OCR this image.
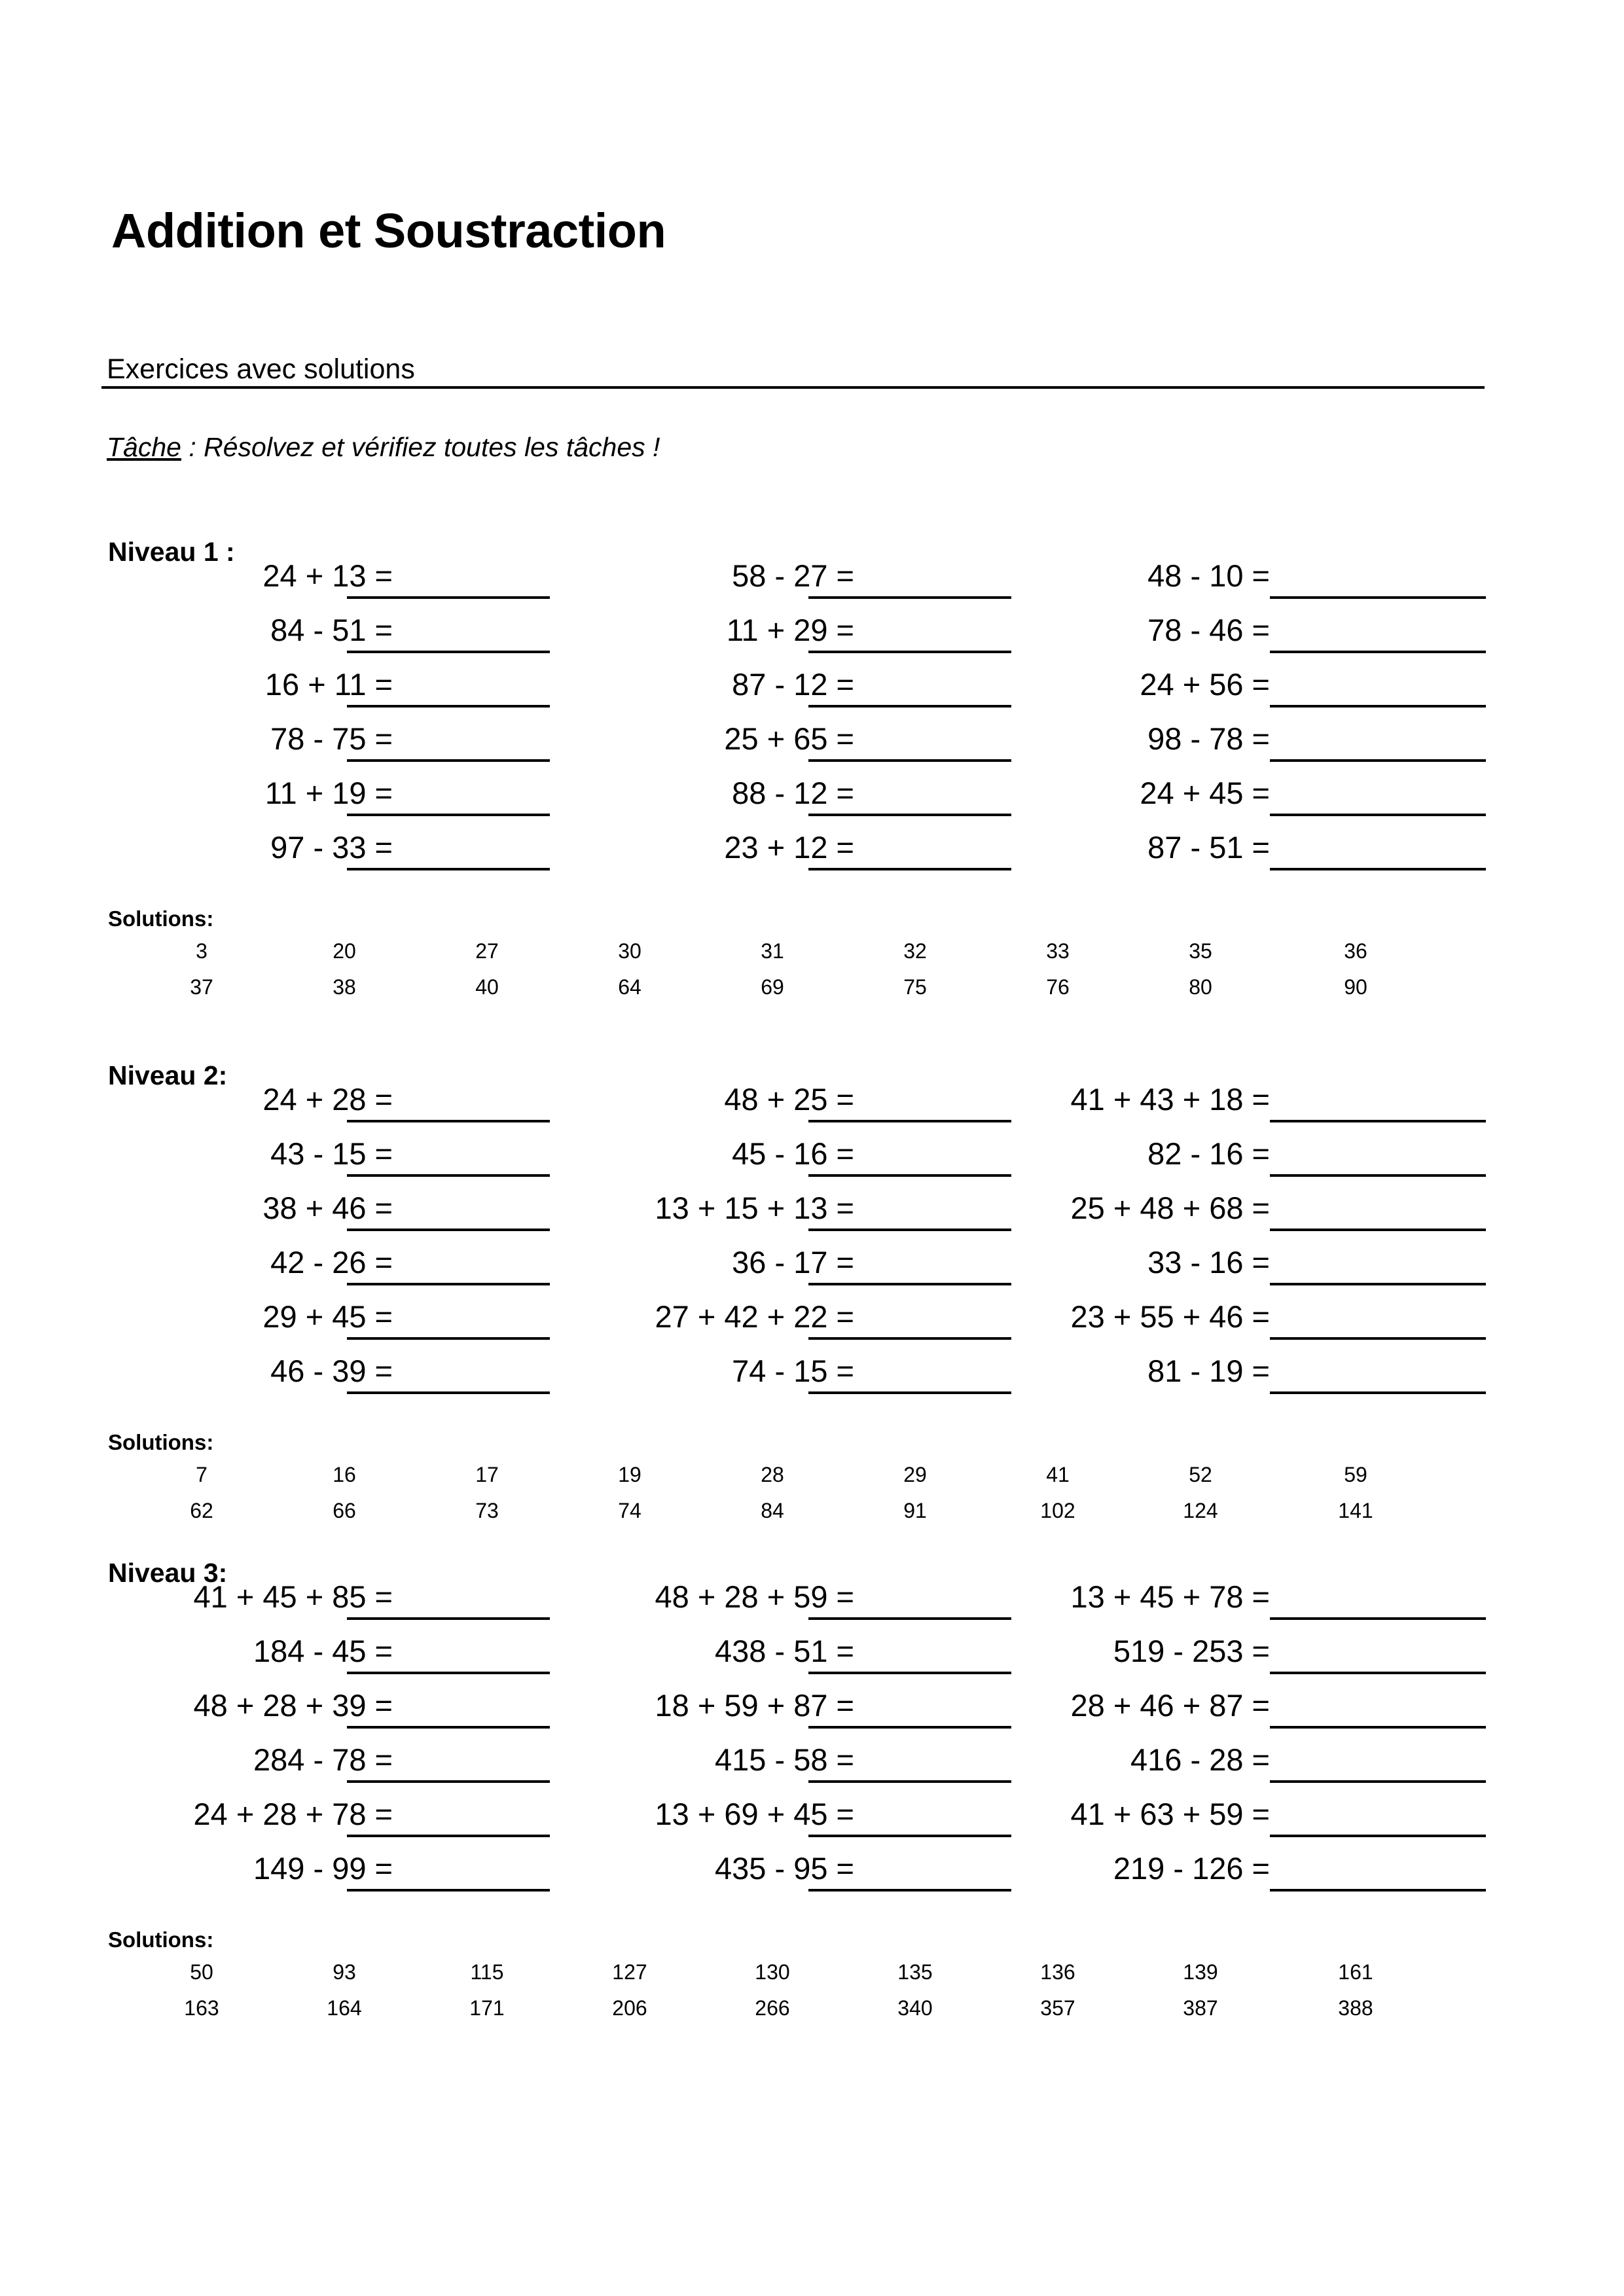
Addition et Soustraction
Exercices avec solutions
Tâche : Résolvez et vérifiez toutes les tâches !
Niveau 1 :
24 + 13 =	58 - 27 =	48 - 10 =
84 - 51 =	11 + 29 =	78 - 46 =
16 + 11 =	87 - 12 =	24 + 56 =
78 - 75 =	25 + 65 =	98 - 78 =
11 + 19 =	88 - 12 =	24 + 45 =
97 - 33 =	23 + 12 =	87 - 51 =
Solutions:
3	20	27	30	31	32	33	35	36
37	38	40	64	69	75	76	80	90
Niveau 2:
24 + 28 =	48 + 25 =	41 + 43 + 18 =
43 - 15 =	45 - 16 =	82 - 16 =
38 + 46 =	13 + 15 + 13 =	25 + 48 + 68 =
42 - 26 =	36 - 17 =	33 - 16 =
29 + 45 =	27 + 42 + 22 =	23 + 55 + 46 =
46 - 39 =	74 - 15 =	81 - 19 =
Solutions:
7	16	17	19	28	29	41	52	59
62	66	73	74	84	91	102	124	141
Niveau 3:
41 + 45 + 85 =	48 + 28 + 59 =	13 + 45 + 78 =
184 - 45 =	438 - 51 =	519 - 253 =
48 + 28 + 39 =	18 + 59 + 87 =	28 + 46 + 87 =
284 - 78 =	415 - 58 =	416 - 28 =
24 + 28 + 78 =	13 + 69 + 45 =	41 + 63 + 59 =
149 - 99 =	435 - 95 =	219 - 126 =
Solutions:
50	93	115	127	130	135	136	139	161
163	164	171	206	266	340	357	387	388
